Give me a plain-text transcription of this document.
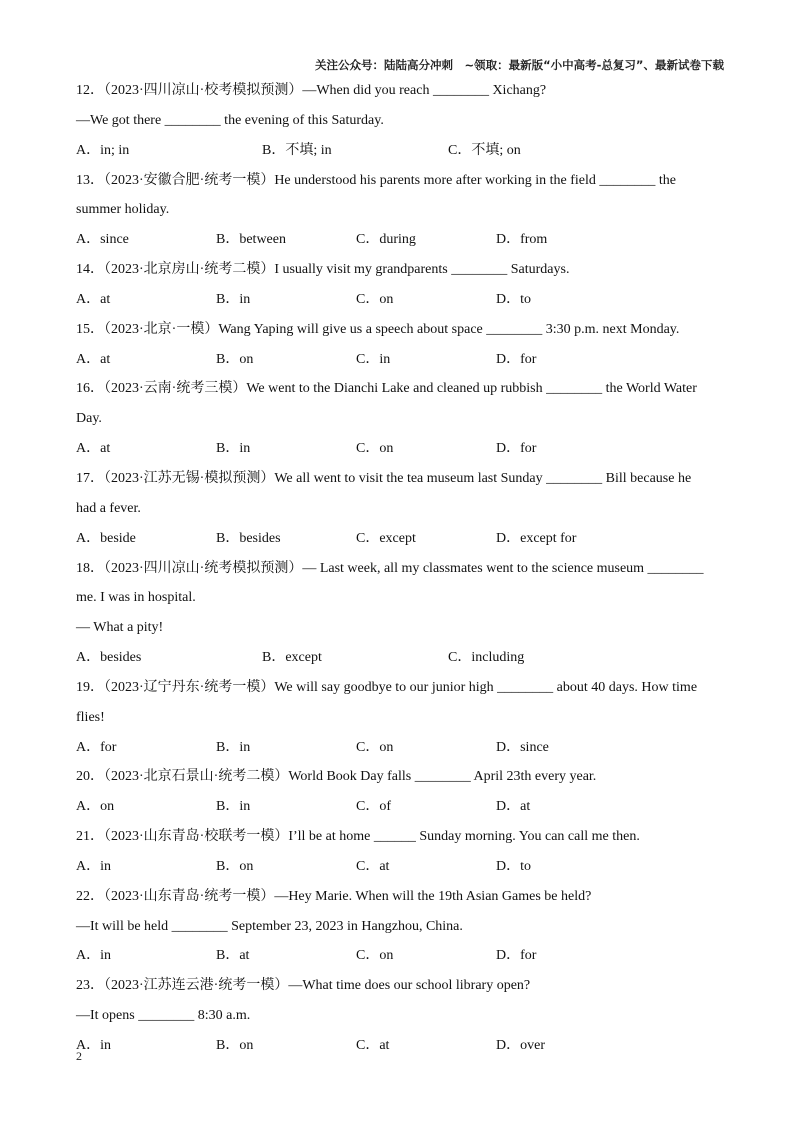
关注公众号：陆陆高分冲刺　~领取：最新版“小中高考-总复习”、最新试卷下载
12．（2023·四川凉山·校考模拟预测）—When did you reach ________ Xichang?
—We got there ________ the evening of this Saturday.
A．in; in	B．不填; in	C．不填; on
13．（2023·安徽合肥·统考一模）He understood his parents more after working in the field ________ the
summer holiday.
A．since	B．between	C．during	D．from
14．（2023·北京房山·统考二模）I usually visit my grandparents ________ Saturdays.
A．at	B．in	C．on	D．to
15．（2023·北京·一模）Wang Yaping will give us a speech about space ________ 3:30 p.m. next Monday.
A．at	B．on	C．in	D．for
16．（2023·云南·统考三模）We went to the Dianchi Lake and cleaned up rubbish ________ the World Water
Day.
A．at	B．in	C．on	D．for
17．（2023·江苏无锡·模拟预测）We all went to visit the tea museum last Sunday ________ Bill because he
had a fever.
A．beside	B．besides	C．except	D．except for
18．（2023·四川凉山·统考模拟预测）— Last week, all my classmates went to the science museum ________
me. I was in hospital.
— What a pity!
A．besides	B．except	C．including
19．（2023·辽宁丹东·统考一模）We will say goodbye to our junior high ________ about 40 days. How time
flies!
A．for	B．in	C．on	D．since
20．（2023·北京石景山·统考二模）World Book Day falls ________ April 23th every year.
A．on	B．in	C．of	D．at
21．（2023·山东青岛·校联考一模）I’ll be at home ______ Sunday morning. You can call me then.
A．in	B．on	C．at	D．to
22．（2023·山东青岛·统考一模）—Hey Marie. When will the 19th Asian Games be held?
—It will be held ________ September 23, 2023 in Hangzhou, China.
A．in	B．at	C．on	D．for
23．（2023·江苏连云港·统考一模）—What time does our school library open?
—It opens ________ 8:30 a.m.
A．in	B．on	C．at	D．over
2
